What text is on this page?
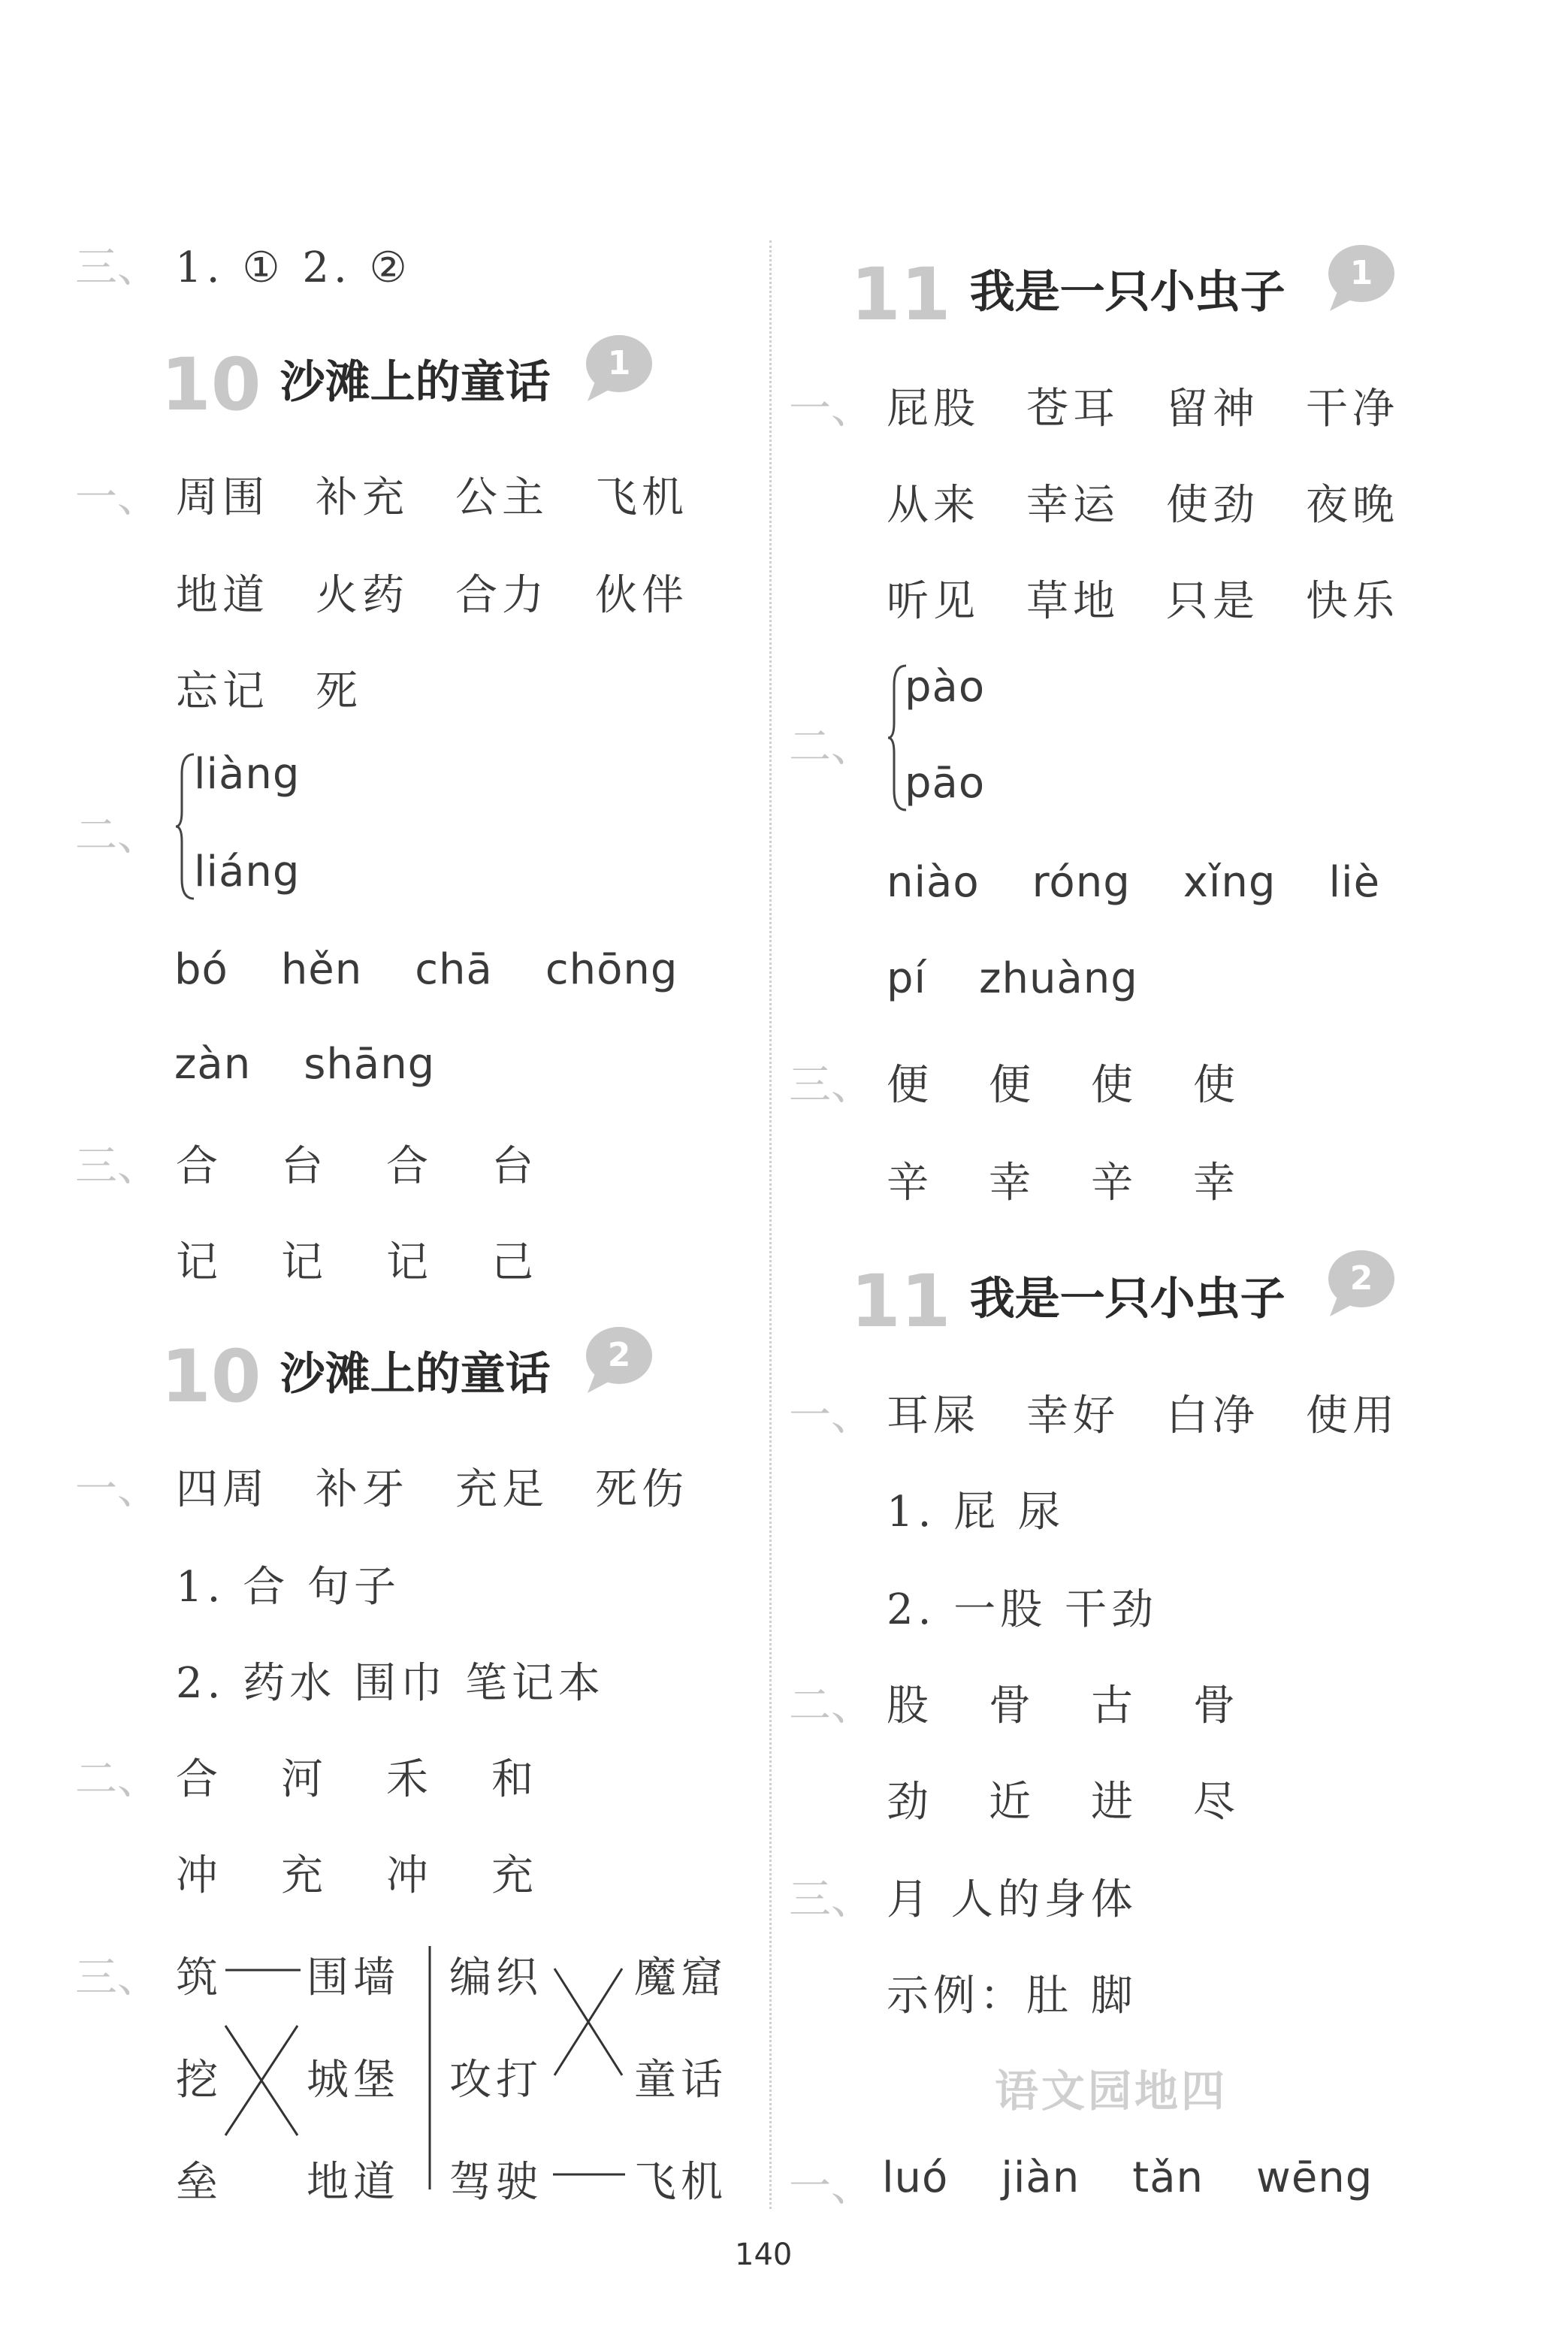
三、 1. ① 2. ②
10 沙滩上的童话 1
一、 周围 补充 公主 飞机
地道 火药 合力 伙伴
忘记 死
二、
liàng
liáng
bó hěn chā chōng
zàn shāng
三、 合 台 合 台
记 记 记 己
10 沙滩上的童话 2
一、 四周 补牙 充足 死伤
1. 合 句子
2. 药水 围巾 笔记本
二、 合 河 禾 和
冲 充 冲 充
三、 筑
挖
垒
围墙
城堡
地道
编织
攻打
驾驶
魔窟
童话
飞机
11 我是一只小虫子 1
一、 屁股 苍耳 留神 干净
从来 幸运 使劲 夜晚
听见 草地 只是 快乐
二、
pào
pāo
niào róng xǐng liè
pí zhuàng
三、 便 便 使 使
辛 幸 辛 幸
11 我是一只小虫子 2
一、 耳屎 幸好 白净 使用
1. 屁 尿
2. 一股 干劲
二、 股 骨 古 骨
劲 近 进 尽
三、 月 人的身体
示例：肚 脚
语文园地四
一、 luó jiàn tǎn wēng
140
